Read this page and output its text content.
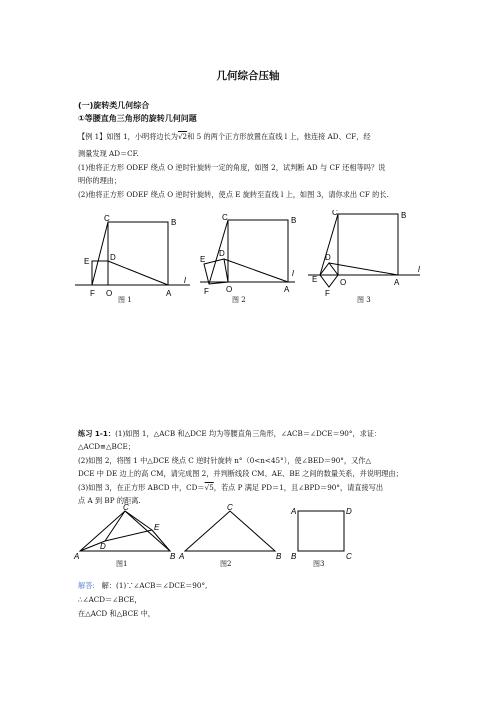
几何综合压轴
(一)旋转类几何综合
①等腰直角三角形的旋转几何问题
【例 1】如图 1，小明将边长为√2和 5 的两个正方形放置在直线 l 上，他连接 AD、CF，经
测量发现 AD＝CF.
(1)他将正方形 ODEF 绕点 O 逆时针旋转一定的角度，如图 2，试判断 AD 与 CF 还相等吗？说
明你的理由；
(2)他将正方形 ODEF 绕点 O 逆时针旋转，使点 E 旋转至直线 l 上，如图 3，请你求出 CF 的长.
C	B
D
E
F O	A
l
C	B
D
E
F O	A
l
C	B
D
E
F
O	A
l
图 1	图 2	图 3
练习 1-1：(1)如图 1，△ACB 和△DCE 均为等腰直角三角形，∠ACB＝∠DCE＝90°，求证：
△ACD≌△BCE；
(2)如图 2，将图 1 中△DCE 绕点 C 逆时针旋转 n°（0<n<45°），使∠BED＝90°，又作△
DCE 中 DE 边上的高 CM，请完成图 2，并判断线段 CM、AE、BE 之间的数量关系，并说明理由；
(3)如图 3，在正方形 ABCD 中，CD＝√5，若点 P 满足 PD＝1，且∠BPD＝90°，请直接写出
点 A 到 BP 的距离.
C
E
D
A	B
C
A	B
A	D
B	C
图1	图2	图3
解答: 解：(1)∵∠ACB＝∠DCE＝90°,
∴∠ACD＝∠BCE，
在△ACD 和△BCE 中，
